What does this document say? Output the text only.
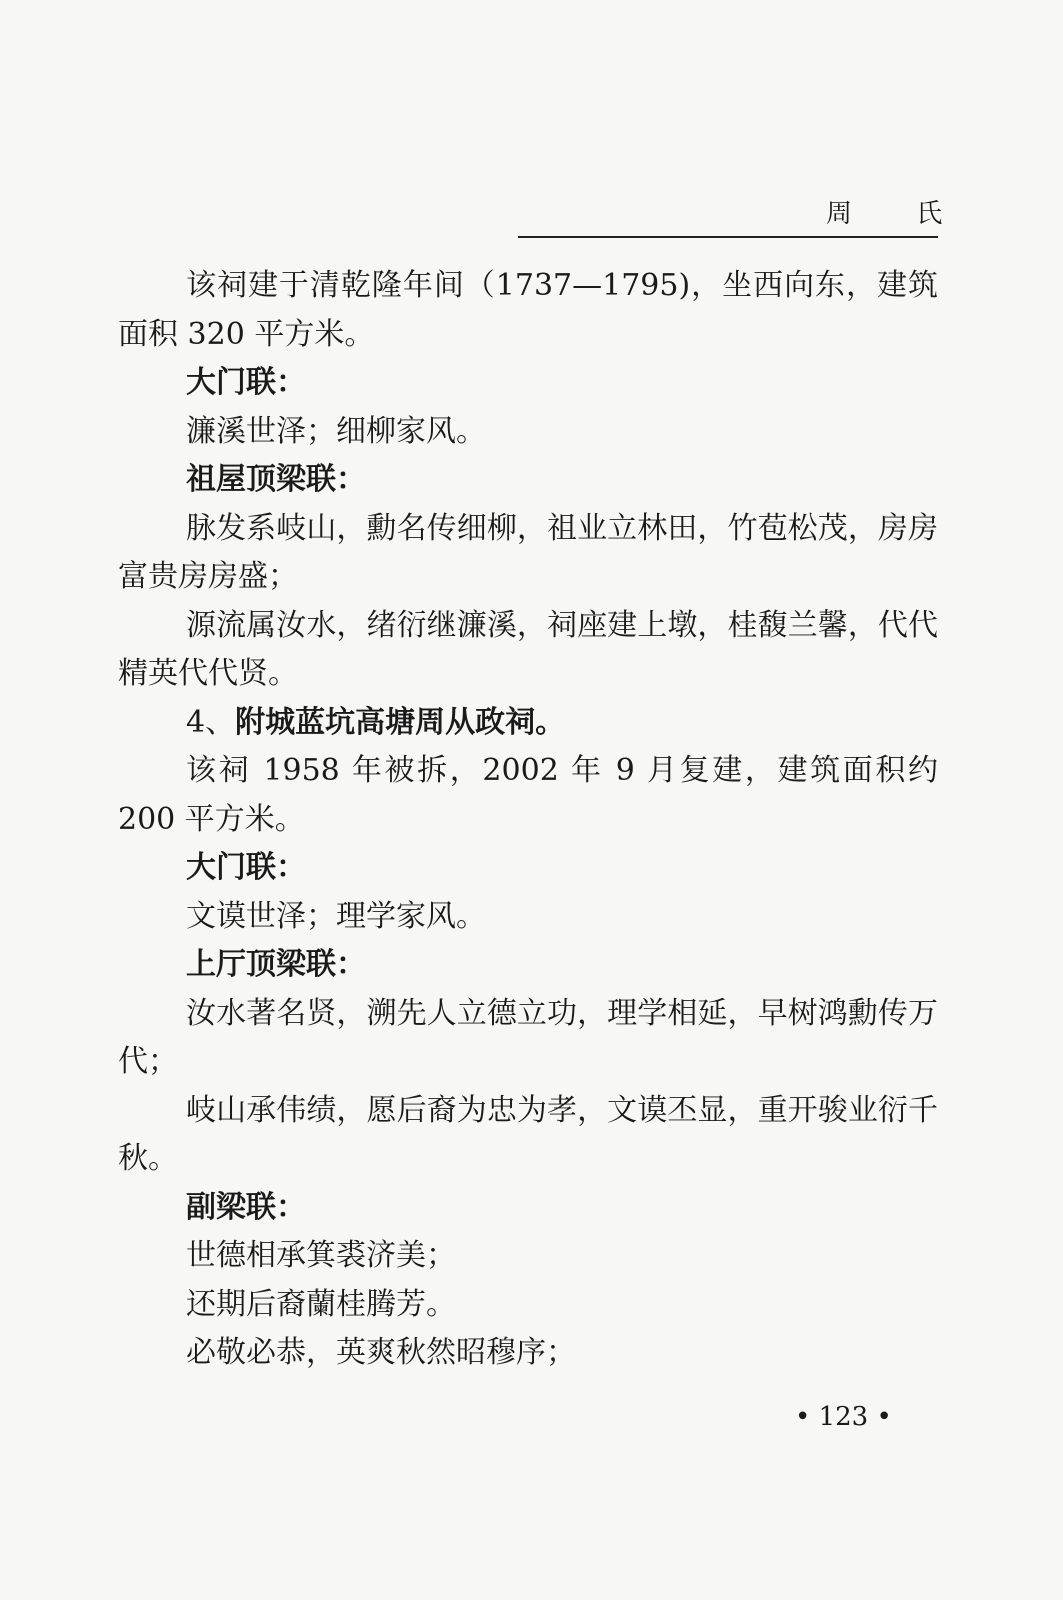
周 氏

该祠建于清乾隆年间（1737—1795)，坐西向东，建筑面积 320 平方米。

大门联：

濂溪世泽；细柳家风。

祖屋顶梁联：

脉发系岐山，勳名传细柳，祖业立林田，竹苞松茂，房房富贵房房盛；

源流属汝水，绪衍继濂溪，祠座建上墩，桂馥兰馨，代代精英代代贤。

4、附城蓝坑高塘周从政祠。

该祠 1958 年被拆，2002 年 9 月复建，建筑面积约 200 平方米。

大门联：

文谟世泽；理学家风。

上厅顶梁联：

汝水著名贤，溯先人立德立功，理学相延，早树鸿勳传万代；

岐山承伟绩，愿后裔为忠为孝，文谟丕显，重开骏业衍千秋。

副梁联：

世德相承箕裘济美；

还期后裔蘭桂腾芳。

必敬必恭，英爽秋然昭穆序；

• 123 •
